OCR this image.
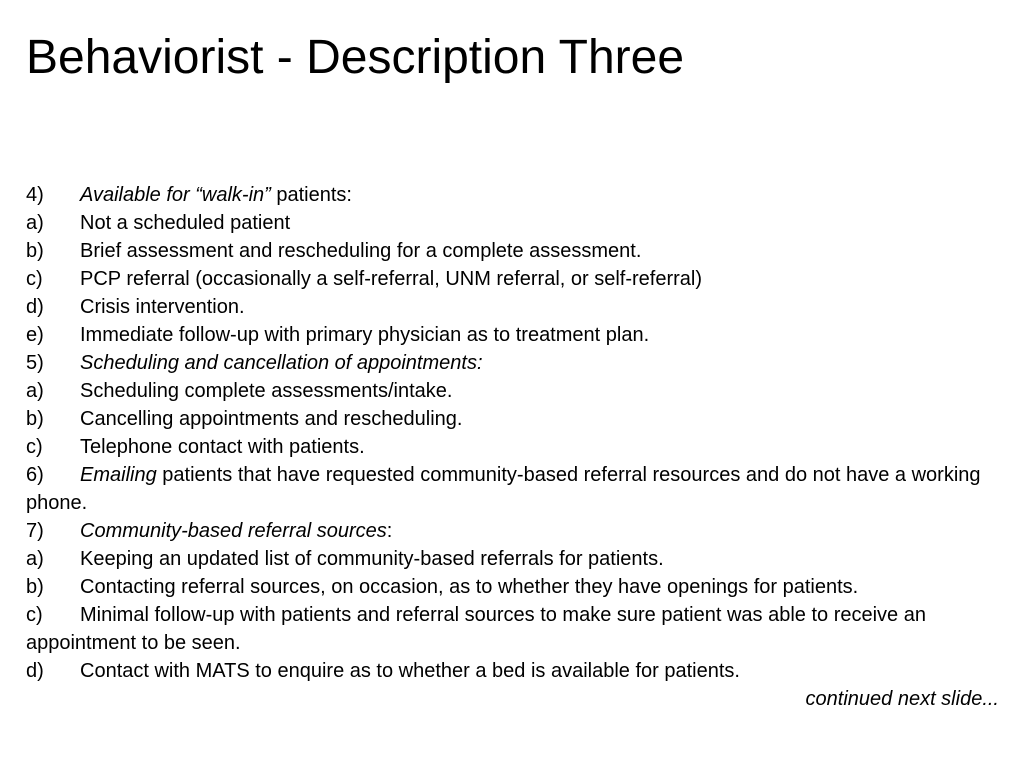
Behaviorist - Description Three

4) Available for “walk-in” patients:

a) Not a scheduled patient

b) Brief assessment and rescheduling for a complete assessment.

c) PCP referral (occasionally a self-referral, UNM referral, or self-referral)

d) Crisis intervention.

e) Immediate follow-up with primary physician as to treatment plan.

5) Scheduling and cancellation of appointments:

a) Scheduling complete assessments/intake.

b) Cancelling appointments and rescheduling.

c) Telephone contact with patients.

6) Emailing patients that have requested community-based referral resources and do not have a working phone.

7) Community-based referral sources:

a) Keeping an updated list of community-based referrals for patients.

b) Contacting referral sources, on occasion, as to whether they have openings for patients.

c) Minimal follow-up with patients and referral sources to make sure patient was able to receive an appointment to be seen.

d) Contact with MATS to enquire as to whether a bed is available for patients.

continued next slide...
